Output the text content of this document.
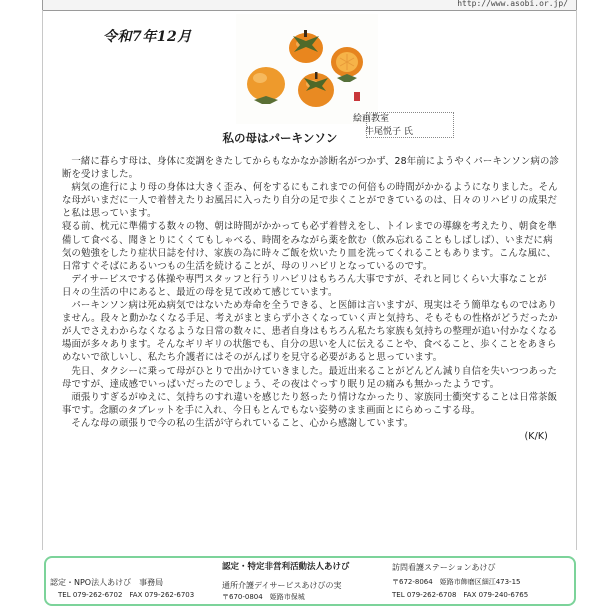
http://www.asobi.or.jp/
令和7年12月
絵画教室
牛尾悦子 氏
私の母はパーキンソン

一緒に暮らす母は、身体に変調をきたしてからもなかなか診断名がつかず、28年前にようやくパーキンソン病の診断を受けました。

病気の進行により母の身体は大きく歪み、何をするにもこれまでの何倍もの時間がかかるようになりました。そんな母がいまだに一人で着替えたりお風呂に入ったり自分の足で歩くことができているのは、日々のリハビリの成果だと私は思っています。

寝る前、枕元に準備する数々の物、朝は時間がかかっても必ず着替えをし、トイレまでの導線を考えたり、朝食を準備して食べる、聞きとりにくくてもしゃべる、時間をみながら薬を飲む（飲み忘れることもしばしば）、いまだに病気の勉強をしたり症状日誌を付け、家族の為に時々ご飯を炊いたり皿を洗ってくれることもあります。こんな風に、日常すぐそばにあるいつもの生活を続けることが、母のリハビリとなっているのです。

デイサービスでする体操や専門スタッフと行うリハビリはもちろん大事ですが、それと同じくらい大事なことが日々の生活の中にあると、最近の母を見て改めて感じています。

パーキンソン病は死ぬ病気ではないため寿命を全うできる、と医師は言いますが、現実はそう簡単なものではありません。段々と動かなくなる手足、考えがまとまらず小さくなっていく声と気持ち、そもそもの性格がどうだったかが人でさえわからなくなるような日常の数々に、患者自身はもちろん私たち家族も気持ちの整理が追い付かなくなる場面が多々あります。そんなギリギリの状態でも、自分の思いを人に伝えることや、食べること、歩くことをあきらめないで欲しいし、私たち介護者にはそのがんばりを見守る必要があると思っています。

先日、タクシーに乗って母がひとりで出かけていきました。最近出来ることがどんどん減り自信を失いつつあった母ですが、達成感でいっぱいだったのでしょう、その夜はぐっすり眠り足の痛みも無かったようです。

頑張りすぎるがゆえに、気持ちのすれ違いを感じたり怒ったり情けなかったり、家族同士衝突することは日常茶飯事です。念願のタブレットを手に入れ、今日もとんでもない姿勢のまま画面とにらめっこする母。

そんな母の頑張りで今の私の生活が守られていること、心から感謝しています。

(K/K)

認定・特定非営利活動法人あけび
認定・NPO法人あけび　事務局
TEL 079-262-6702　FAX 079-262-6703
通所介護デイサービスあけびの実
〒670-0804　姫路市保城
訪問看護ステーションあけび
〒672-8064　姫路市飾磨区細江473-15
TEL 079-262-6708　FAX 079-240-6765
